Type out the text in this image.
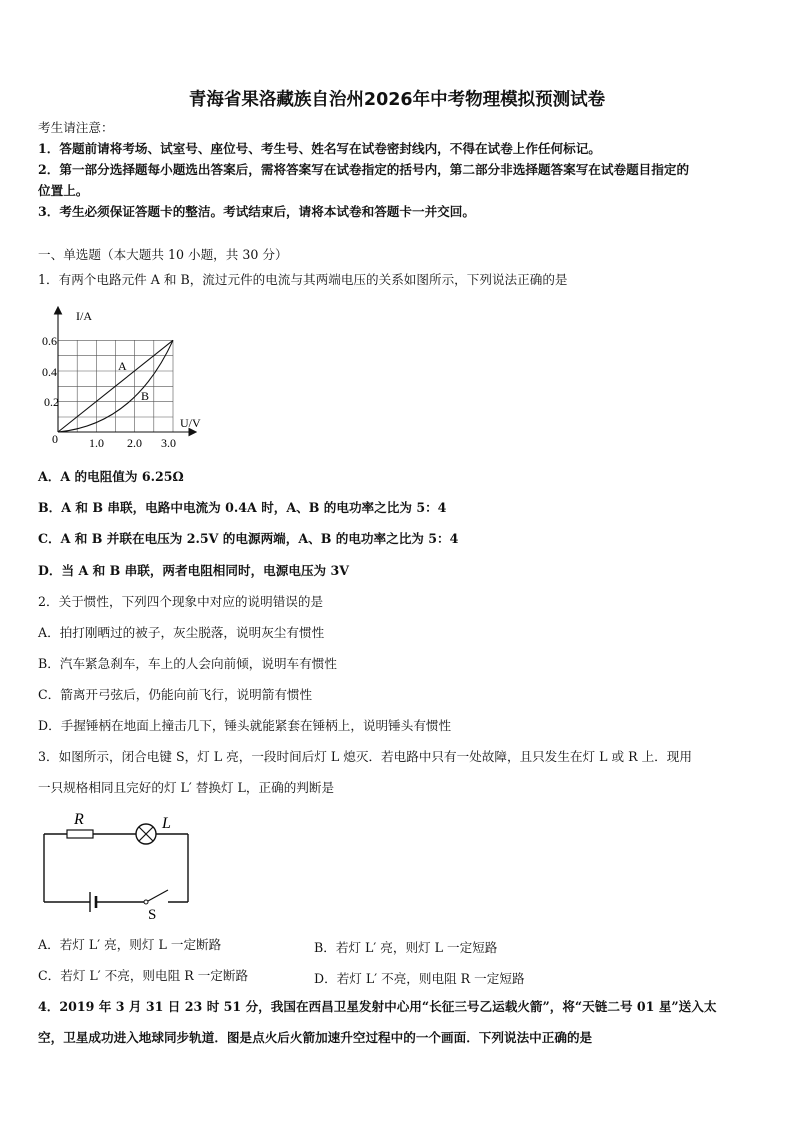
青海省果洛藏族自治州2026年中考物理模拟预测试卷
考生请注意：
1．答题前请将考场、试室号、座位号、考生号、姓名写在试卷密封线内，不得在试卷上作任何标记。
2．第一部分选择题每小题选出答案后，需将答案写在试卷指定的括号内，第二部分非选择题答案写在试卷题目指定的
位置上。
3．考生必须保证答题卡的整洁。考试结束后，请将本试卷和答题卡一并交回。
一、单选题（本大题共 10 小题，共 30 分）
1．有两个电路元件 A 和 B，流过元件的电流与其两端电压的关系如图所示，下列说法正确的是
I/A
U/V
0
0.6
0.4
0.2
1.0 2.0 3.0
A
B
A．A 的电阻值为 6.25Ω
B．A 和 B 串联，电路中电流为 0.4A 时，A、B 的电功率之比为 5：4
C．A 和 B 并联在电压为 2.5V 的电源两端，A、B 的电功率之比为 5：4
D．当 A 和 B 串联，两者电阻相同时，电源电压为 3V
2．关于惯性，下列四个现象中对应的说明错误的是
A．拍打刚晒过的被子，灰尘脱落，说明灰尘有惯性
B．汽车紧急刹车，车上的人会向前倾，说明车有惯性
C．箭离开弓弦后，仍能向前飞行，说明箭有惯性
D．手握锤柄在地面上撞击几下，锤头就能紧套在锤柄上，说明锤头有惯性
3．如图所示，闭合电键 S，灯 L 亮，一段时间后灯 L 熄灭．若电路中只有一处故障，且只发生在灯 L 或 R 上．现用
一只规格相同且完好的灯 L′ 替换灯 L，正确的判断是
R	L
S
A．若灯 L′ 亮，则灯 L 一定断路	B．若灯 L′ 亮，则灯 L 一定短路
C．若灯 L′ 不亮，则电阻 R 一定断路	D．若灯 L′ 不亮，则电阻 R 一定短路
4．2019 年 3 月 31 日 23 时 51 分，我国在西昌卫星发射中心用“长征三号乙运载火箭”，将“天链二号 01 星”送入太
空，卫星成功进入地球同步轨道．图是点火后火箭加速升空过程中的一个画面．下列说法中正确的是
